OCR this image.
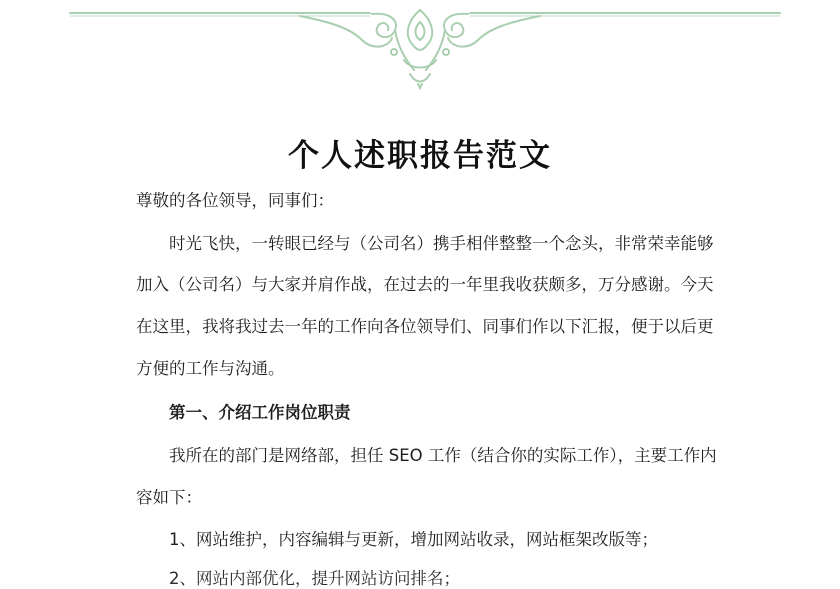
个人述职报告范文

尊敬的各位领导，同事们：

时光飞快，一转眼已经与（公司名）携手相伴整整一个念头，非常荣幸能够

加入（公司名）与大家并肩作战，在过去的一年里我收获颇多，万分感谢。今天

在这里，我将我过去一年的工作向各位领导们、同事们作以下汇报，便于以后更

方便的工作与沟通。

第一、介绍工作岗位职责

我所在的部门是网络部，担任 SEO 工作（结合你的实际工作），主要工作内

容如下：

1、网站维护，内容编辑与更新，增加网站收录，网站框架改版等；

2、网站内部优化，提升网站访问排名；
